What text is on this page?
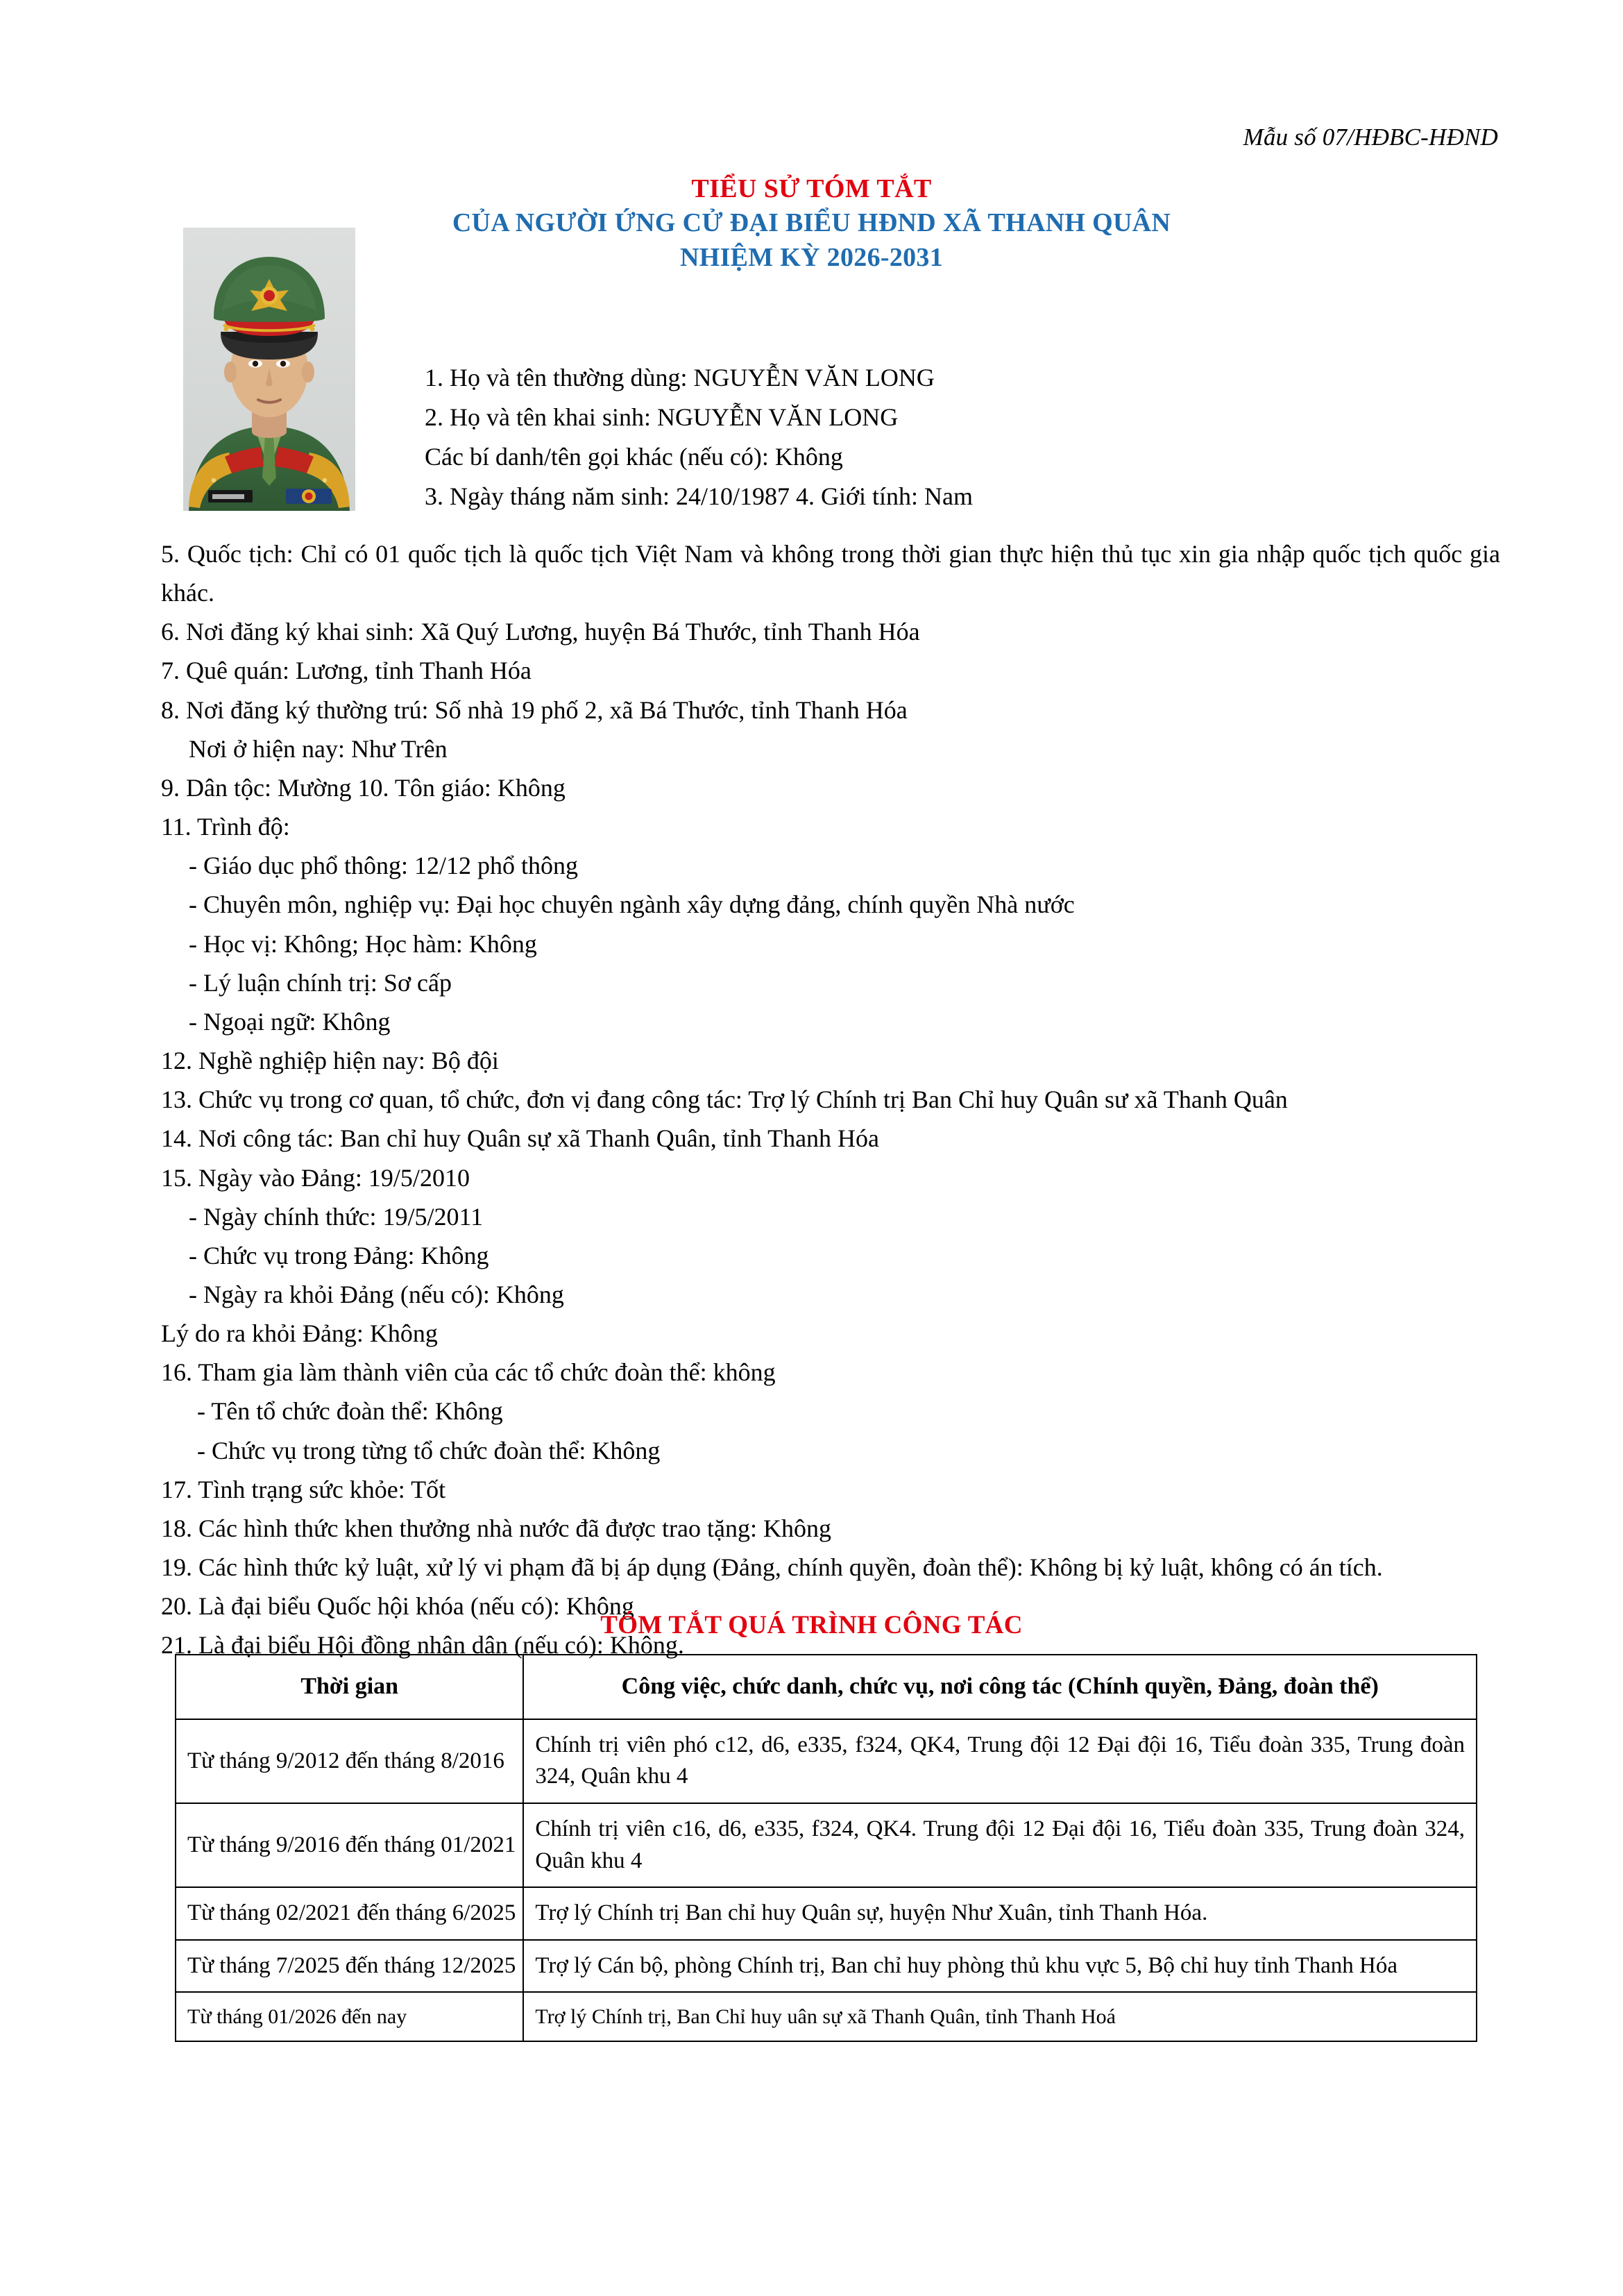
Mẫu số 07/HĐBC-HĐND
TIỂU SỬ TÓM TẮT
CỦA NGƯỜI ỨNG CỬ ĐẠI BIỂU HĐND XÃ THANH QUÂN
NHIỆM KỲ 2026-2031
1. Họ và tên thường dùng: NGUYỄN VĂN LONG
2. Họ và tên khai sinh: NGUYỄN VĂN LONG
Các bí danh/tên gọi khác (nếu có): Không
3. Ngày tháng năm sinh: 24/10/1987 4. Giới tính: Nam

5. Quốc tịch: Chỉ có 01 quốc tịch là quốc tịch Việt Nam và không trong thời gian thực hiện thủ tục xin gia nhập quốc tịch quốc gia khác.

6. Nơi đăng ký khai sinh: Xã Quý Lương, huyện Bá Thước, tỉnh Thanh Hóa

7. Quê quán: Lương, tỉnh Thanh Hóa

8. Nơi đăng ký thường trú: Số nhà 19 phố 2, xã Bá Thước, tỉnh Thanh Hóa

Nơi ở hiện nay: Như Trên

9. Dân tộc: Mường 10. Tôn giáo: Không

11. Trình độ:

- Giáo dục phổ thông: 12/12 phổ thông

- Chuyên môn, nghiệp vụ: Đại học chuyên ngành xây dựng đảng, chính quyền Nhà nước

- Học vị: Không; Học hàm: Không

- Lý luận chính trị: Sơ cấp

- Ngoại ngữ: Không

12. Nghề nghiệp hiện nay: Bộ đội

13. Chức vụ trong cơ quan, tổ chức, đơn vị đang công tác: Trợ lý Chính trị Ban Chỉ huy Quân sư xã Thanh Quân

14. Nơi công tác: Ban chỉ huy Quân sự xã Thanh Quân, tỉnh Thanh Hóa

15. Ngày vào Đảng: 19/5/2010

- Ngày chính thức: 19/5/2011

- Chức vụ trong Đảng: Không

- Ngày ra khỏi Đảng (nếu có): Không

Lý do ra khỏi Đảng: Không

16. Tham gia làm thành viên của các tổ chức đoàn thể: không

- Tên tổ chức đoàn thể: Không

- Chức vụ trong từng tổ chức đoàn thể: Không

17. Tình trạng sức khỏe: Tốt

18. Các hình thức khen thưởng nhà nước đã được trao tặng: Không

19. Các hình thức kỷ luật, xử lý vi phạm đã bị áp dụng (Đảng, chính quyền, đoàn thể): Không bị kỷ luật, không có án tích.

20. Là đại biểu Quốc hội khóa (nếu có): Không

21. Là đại biểu Hội đồng nhân dân (nếu có): Không.

TÓM TẮT QUÁ TRÌNH CÔNG TÁC
Thời gian	Công việc, chức danh, chức vụ, nơi công tác (Chính quyền, Đảng, đoàn thể)
Từ tháng 9/2012 đến tháng 8/2016	Chính trị viên phó c12, d6, e335, f324, QK4, Trung đội 12 Đại đội 16, Tiểu đoàn 335, Trung đoàn 324, Quân khu 4
Từ tháng 9/2016 đến tháng 01/2021	Chính trị viên c16, d6, e335, f324, QK4. Trung đội 12 Đại đội 16, Tiểu đoàn 335, Trung đoàn 324, Quân khu 4
Từ tháng 02/2021 đến tháng 6/2025	Trợ lý Chính trị Ban chỉ huy Quân sự, huyện Như Xuân, tỉnh Thanh Hóa.
Từ tháng 7/2025 đến tháng 12/2025	Trợ lý Cán bộ, phòng Chính trị, Ban chỉ huy phòng thủ khu vực 5, Bộ chỉ huy tỉnh Thanh Hóa
Từ tháng 01/2026 đến nay	Trợ lý Chính trị, Ban Chỉ huy uân sự xã Thanh Quân, tỉnh Thanh Hoá
